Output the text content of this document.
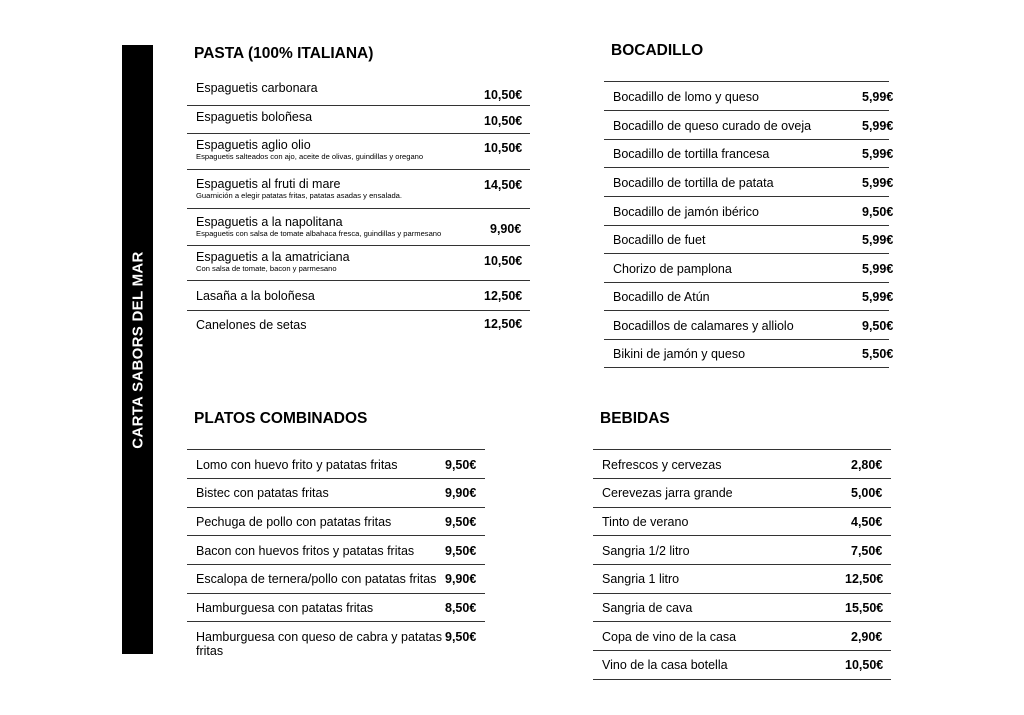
CARTA SABORS DEL MAR
PASTA (100% ITALIANA)
Espaguetis carbonara	10,50€
Espaguetis boloñesa	10,50€
Espaguetis aglio olio
Espaguetis salteados con ajo, aceite de olivas, guindillas y oregano
10,50€
Espaguetis al fruti di mare
Guarnición a elegir patatas fritas, patatas asadas y ensalada.
14,50€
Espaguetis a la napolitana
Espaguetis con salsa de tomate albahaca fresca, guindillas y parmesano	9,90€
Espaguetis a la amatriciana
Con salsa de tomate, bacon y parmesano
10,50€
Lasaña a la boloñesa	12,50€
Canelones de setas	12,50€
BOCADILLO
Bocadillo de lomo y queso	5,99€
Bocadillo de queso curado de oveja	5,99€
Bocadillo de tortilla francesa	5,99€
Bocadillo de tortilla de patata	5,99€
Bocadillo de jamón ibérico	9,50€
Bocadillo de fuet	5,99€
Chorizo de pamplona	5,99€
Bocadillo de Atún	5,99€
Bocadillos de calamares y alliolo	9,50€
Bikini de jamón y queso	5,50€
PLATOS COMBINADOS
Lomo con huevo frito y patatas fritas	9,50€
Bistec con patatas fritas	9,90€
Pechuga de pollo con patatas fritas	9,50€
Bacon con huevos fritos y patatas fritas 9,50€
Escalopa de ternera/pollo con patatas fritas 9,90€
Hamburguesa con patatas fritas	8,50€
Hamburguesa con queso de cabra y patatas
fritas
9,50€
BEBIDAS
Refrescos y cervezas	2,80€
Cerevezas jarra grande	5,00€
Tinto de verano	4,50€
Sangria 1/2 litro	7,50€
Sangria 1 litro	12,50€
Sangria de cava	15,50€
Copa de vino de la casa	2,90€
Vino de la casa botella	10,50€
